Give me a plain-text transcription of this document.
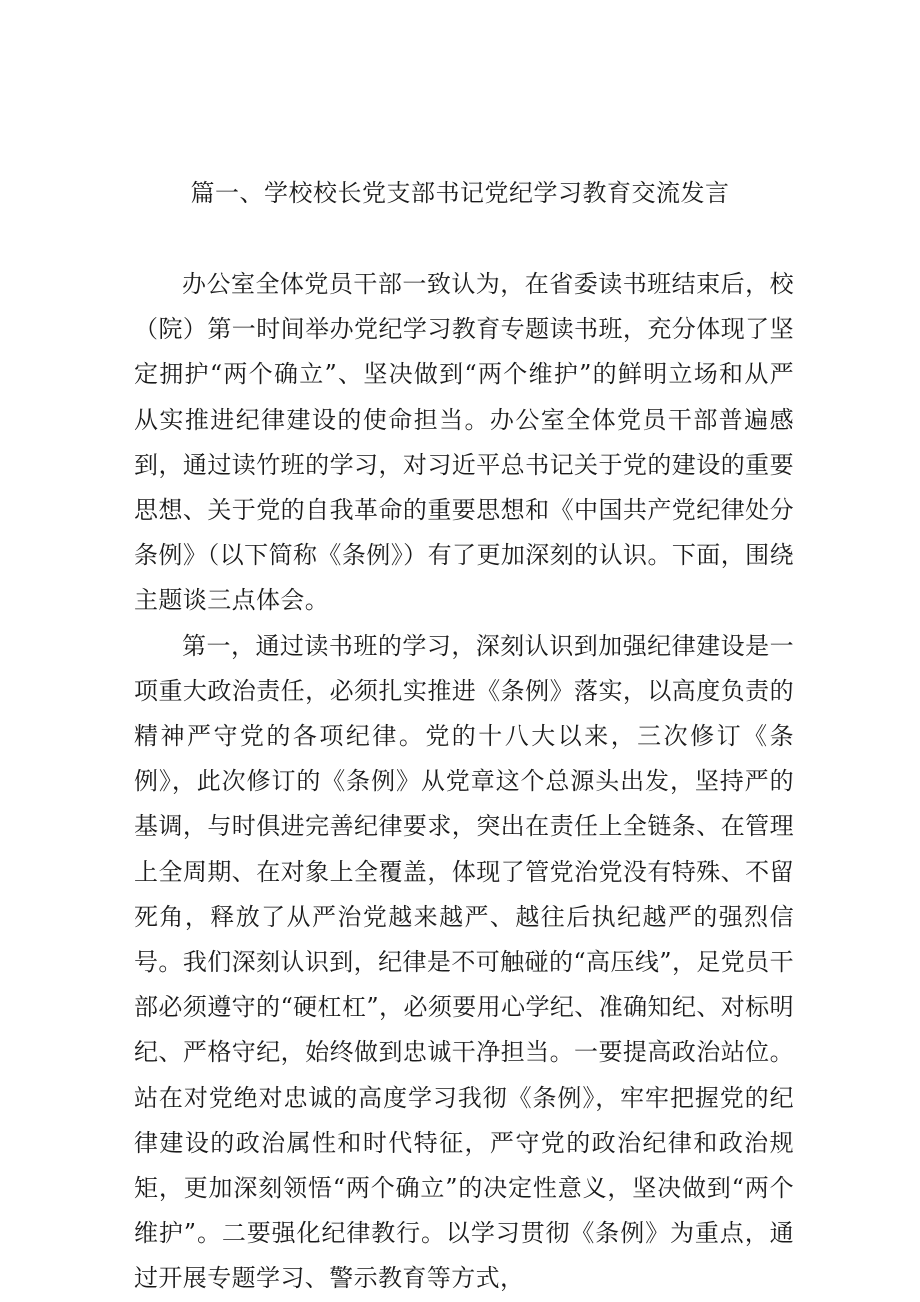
篇一、学校校长党支部书记党纪学习教育交流发言

办公室全体党员干部一致认为，在省委读书班结束后，校（院）第一时间举办党纪学习教育专题读书班，充分体现了坚定拥护“两个确立”、坚决做到“两个维护”的鲜明立场和从严从实推进纪律建设的使命担当。办公室全体党员干部普遍感到，通过读竹班的学习，对习近平总书记关于党的建设的重要思想、关于党的自我革命的重要思想和《中国共产党纪律处分条例》（以下简称《条例》）有了更加深刻的认识。下面，围绕主题谈三点体会。

第一，通过读书班的学习，深刻认识到加强纪律建设是一项重大政治责任，必须扎实推进《条例》落实，以高度负责的精神严守党的各项纪律。党的十八大以来，三次修订《条例》，此次修订的《条例》从党章这个总源头出发，坚持严的基调，与时俱进完善纪律要求，突出在责任上全链条、在管理上全周期、在对象上全覆盖，体现了管党治党没有特殊、不留死角，释放了从严治党越来越严、越往后执纪越严的强烈信号。我们深刻认识到，纪律是不可触碰的“高压线”，足党员干部必须遵守的“硬杠杠”，必须要用心学纪、准确知纪、对标明纪、严格守纪，始终做到忠诚干净担当。一要提高政治站位。站在对党绝对忠诚的高度学习我彻《条例》，牢牢把握党的纪律建设的政治属性和时代特征，严守党的政治纪律和政治规矩，更加深刻领悟“两个确立”的决定性意义，坚决做到“两个维护”。二要强化纪律教行。以学习贯彻《条例》为重点，通过开展专题学习、警示教育等方式，
